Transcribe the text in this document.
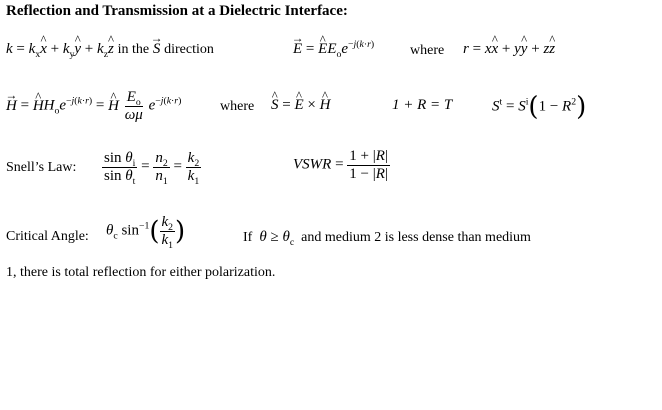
Reflection and Transmission at a Dielectric Interface:
$k = k_xx$ ^ + $k_yy$ ^ + $k_zz$ ^ in the S → direction	E → = E $\^{}E_oe^{-j(k\cdot r)}$	where r = xx ^ + yy ^ + zz ^
H → = H $\^{}H_oe^{-j(k\cdot r)} = H$ ^ $\frac{E_o}{\omega\mu} e^{-j(k\cdot r)}$	where S ^ = E ^ × H ^	1 + R = T	$S^t = S^i(1 - R^2)$
Snell’s Law: $\frac{\sin \theta_i}{\sin \theta_t} = \frac{n_2}{n_1} = \frac{k_2}{k_1}$	VSWR = $\frac{1 + |R|}{1 - |R|}$
Critical Angle: $\theta_c$ $\sin^{-1}( \frac{k_2}{k_1}$ )	If $\theta \ge \theta_c$ and medium 2 is less dense than medium
1, there is total reflection for either polarization.
